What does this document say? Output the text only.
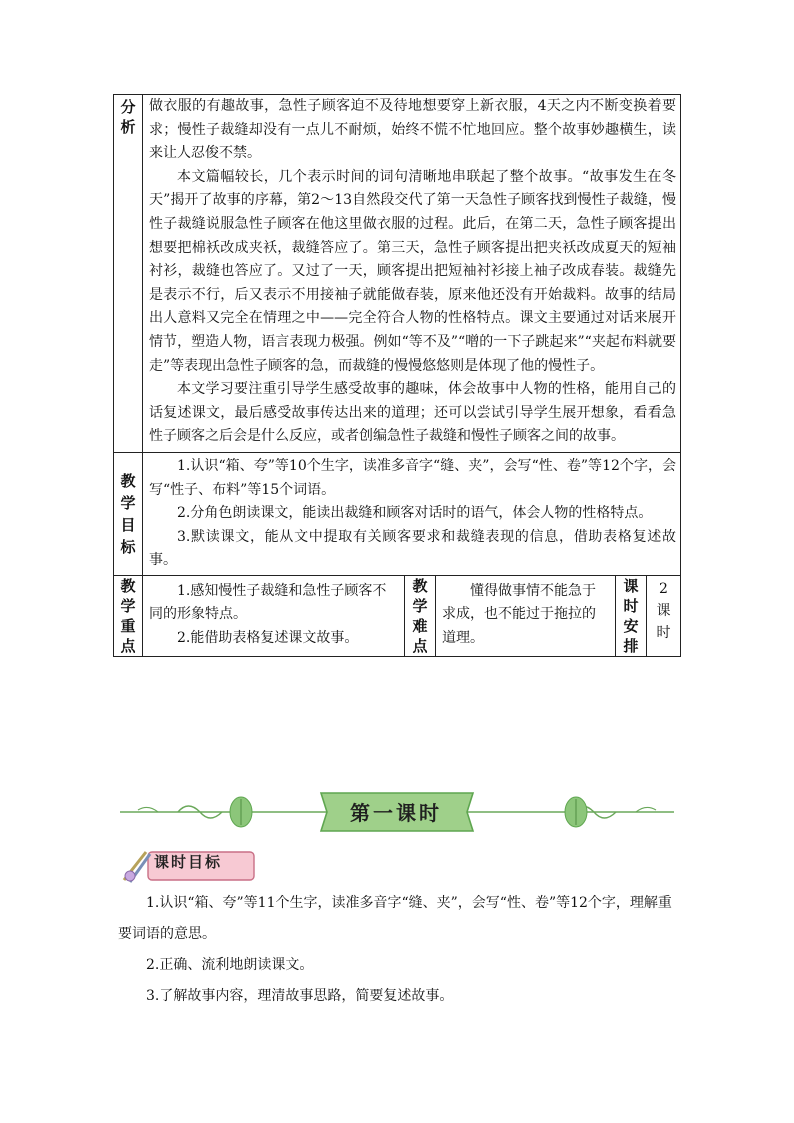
分析	做衣服的有趣故事，急性子顾客迫不及待地想要穿上新衣服，4天之内不断变换着要求；慢性子裁缝却没有一点儿不耐烦，始终不慌不忙地回应。整个故事妙趣横生，读来让人忍俊不禁。

本文篇幅较长，几个表示时间的词句清晰地串联起了整个故事。“故事发生在冬天”揭开了故事的序幕，第2～13自然段交代了第一天急性子顾客找到慢性子裁缝，慢性子裁缝说服急性子顾客在他这里做衣服的过程。此后，在第二天，急性子顾客提出想要把棉袄改成夹袄，裁缝答应了。第三天，急性子顾客提出把夹袄改成夏天的短袖衬衫，裁缝也答应了。又过了一天，顾客提出把短袖衬衫接上袖子改成春装。裁缝先是表示不行，后又表示不用接袖子就能做春装，原来他还没有开始裁料。故事的结局出人意料又完全在情理之中——完全符合人物的性格特点。课文主要通过对话来展开情节，塑造人物，语言表现力极强。例如“等不及”“噌的一下子跳起来”“夹起布料就要走”等表现出急性子顾客的急，而裁缝的慢慢悠悠则是体现了他的慢性子。

本文学习要注重引导学生感受故事的趣味，体会故事中人物的性格，能用自己的话复述课文，最后感受故事传达出来的道理；还可以尝试引导学生展开想象，看看急性子顾客之后会是什么反应，或者创编急性子裁缝和慢性子顾客之间的故事。				

教学目标	1.认识“箱、夸”等10个生字，读准多音字“缝、夹”，会写“性、卷”等12个字，会写“性子、布料”等15个词语。

2.分角色朗读课文，能读出裁缝和顾客对话时的语气，体会人物的性格特点。

3.默读课文，能从文中提取有关顾客要求和裁缝表现的信息，借助表格复述故事。				

教学重点	1.感知慢性子裁缝和急性子顾客不同的形象特点。

2.能借助表格复述课文故事。	教学难点	懂得做事情不能急于求成，也不能过于拖拉的道理。	课时安排	2课时
第一课时
课时目标

1.认识“箱、夸”等11个生字，读准多音字“缝、夹”，会写“性、卷”等12个字，理解重要词语的意思。

2.正确、流利地朗读课文。

3.了解故事内容，理清故事思路，简要复述故事。
